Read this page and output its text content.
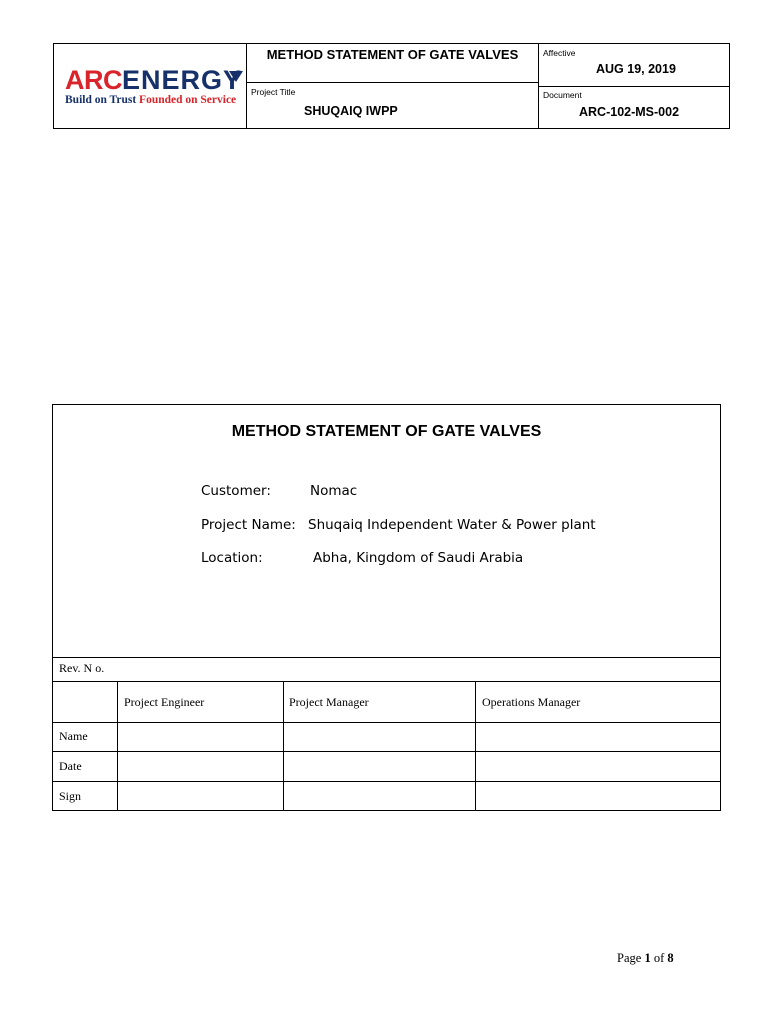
ARCENERGY
Build on Trust Founded on Service
METHOD STATEMENT OF GATE VALVES
Project Title
SHUQAIQ IWPP
Affective
AUG 19, 2019
Document
ARC-102-MS-002
METHOD STATEMENT OF GATE VALVES
Customer:	Nomac
Project Name: Shuqaiq Independent Water & Power plant
Location:	Abha, Kingdom of Saudi Arabia
Rev. N o.
Project Engineer	Project Manager	Operations Manager
Name
Date
Sign
Page 1 of 8
